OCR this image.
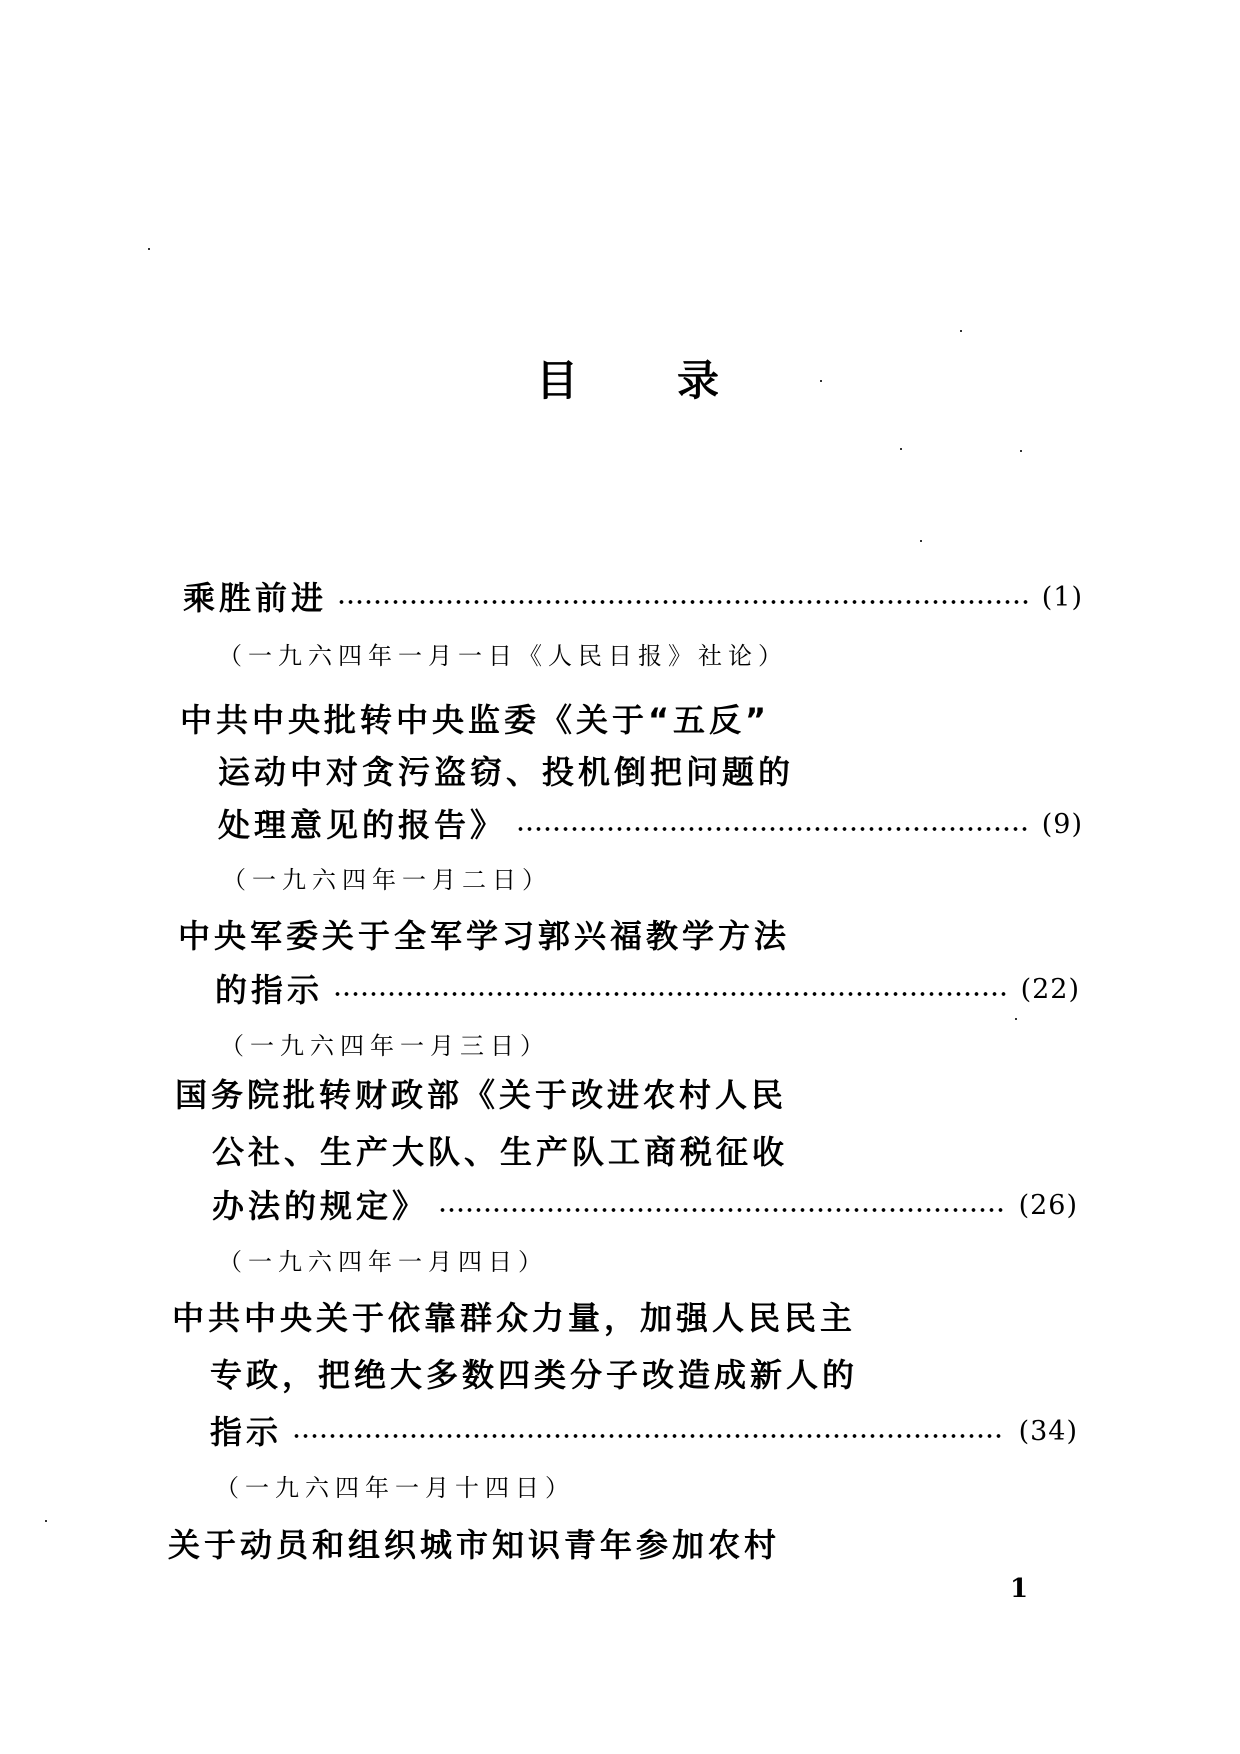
目 录
乘胜前进	(1)
（一九六四年一月一日《人民日报》社论）
中共中央批转中央监委《关于“五反”
运动中对贪污盗窃、投机倒把问题的
处理意见的报告》	(9)
（一九六四年一月二日）
中央军委关于全军学习郭兴福教学方法
的指示	(22)
（一九六四年一月三日）
国务院批转财政部《关于改进农村人民
公社、生产大队、生产队工商税征收
办法的规定》	(26)
（一九六四年一月四日）
中共中央关于依靠群众力量，加强人民民主
专政，把绝大多数四类分子改造成新人的
指示	(34)
（一九六四年一月十四日）
关于动员和组织城市知识青年参加农村
1
